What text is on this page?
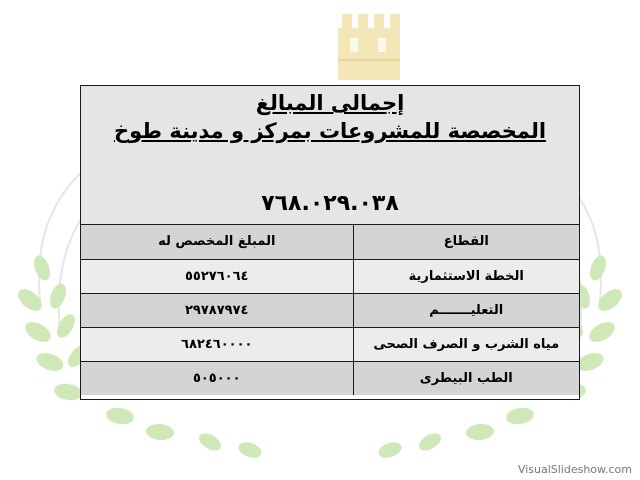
إجمالى المبالغ
المخصصة للمشروعات بمركز و مدينة طوخ
٧٦٨.٠٢٩.٠٣٨
المبلغ المخصص له	القطاع
٥٥٢٧٦٠٦٤	الخطة الاستثمارية
٢٩٧٨٧٩٧٤	التعليـــــــم
٦٨٢٤٦٠٠٠٠	مياه الشرب و الصرف الصحى
٥٠٥٠٠٠	الطب البيطرى
VisualSlideshow.com
